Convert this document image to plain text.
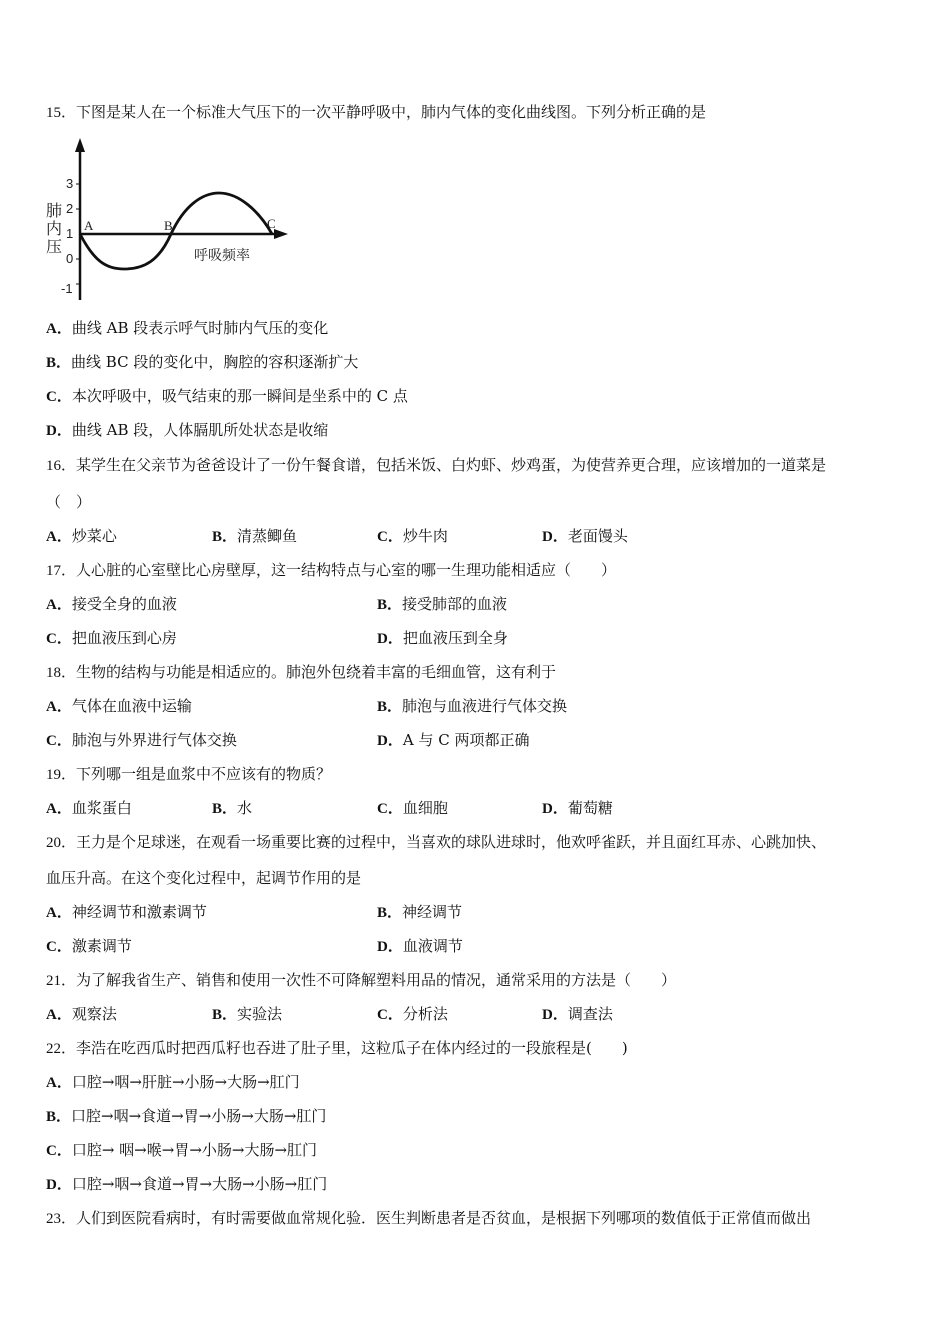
15．下图是某人在一个标准大气压下的一次平静呼吸中，肺内气体的变化曲线图。下列分析正确的是
3
2
1
0
-1
肺
内
压
A	B	C
呼吸频率
A．曲线 AB 段表示呼气时肺内气压的变化
B．曲线 BC 段的变化中，胸腔的容积逐渐扩大
C．本次呼吸中，吸气结束的那一瞬间是坐系中的 C 点
D．曲线 AB 段，人体膈肌所处状态是收缩
16．某学生在父亲节为爸爸设计了一份午餐食谱，包括米饭、白灼虾、炒鸡蛋，为使营养更合理，应该增加的一道菜是
（　）
A．炒菜心	B．清蒸鲫鱼	C．炒牛肉	D．老面馒头
17．人心脏的心室壁比心房壁厚，这一结构特点与心室的哪一生理功能相适应（　　）
A．接受全身的血液	B．接受肺部的血液
C．把血液压到心房	D．把血液压到全身
18．生物的结构与功能是相适应的。肺泡外包绕着丰富的毛细血管，这有利于
A．气体在血液中运输	B．肺泡与血液进行气体交换
C．肺泡与外界进行气体交换	D．A 与 C 两项都正确
19．下列哪一组是血浆中不应该有的物质？
A．血浆蛋白	B．水	C．血细胞	D．葡萄糖
20．王力是个足球迷，在观看一场重要比赛的过程中，当喜欢的球队进球时，他欢呼雀跃，并且面红耳赤、心跳加快、
血压升高。在这个变化过程中，起调节作用的是
A．神经调节和激素调节	B．神经调节
C．激素调节	D．血液调节
21．为了解我省生产、销售和使用一次性不可降解塑料用品的情况，通常采用的方法是（　　）
A．观察法	B．实验法	C．分析法	D．调查法
22．李浩在吃西瓜时把西瓜籽也吞进了肚子里，这粒瓜子在体内经过的一段旅程是(　　)
A．口腔→咽→肝脏→小肠→大肠→肛门
B．口腔→咽→食道→胃→小肠→大肠→肛门
C．口腔→ 咽→喉→胃→小肠→大肠→肛门
D．口腔→咽→食道→胃→大肠→小肠→肛门
23．人们到医院看病时，有时需要做血常规化验．医生判断患者是否贫血，是根据下列哪项的数值低于正常值而做出
